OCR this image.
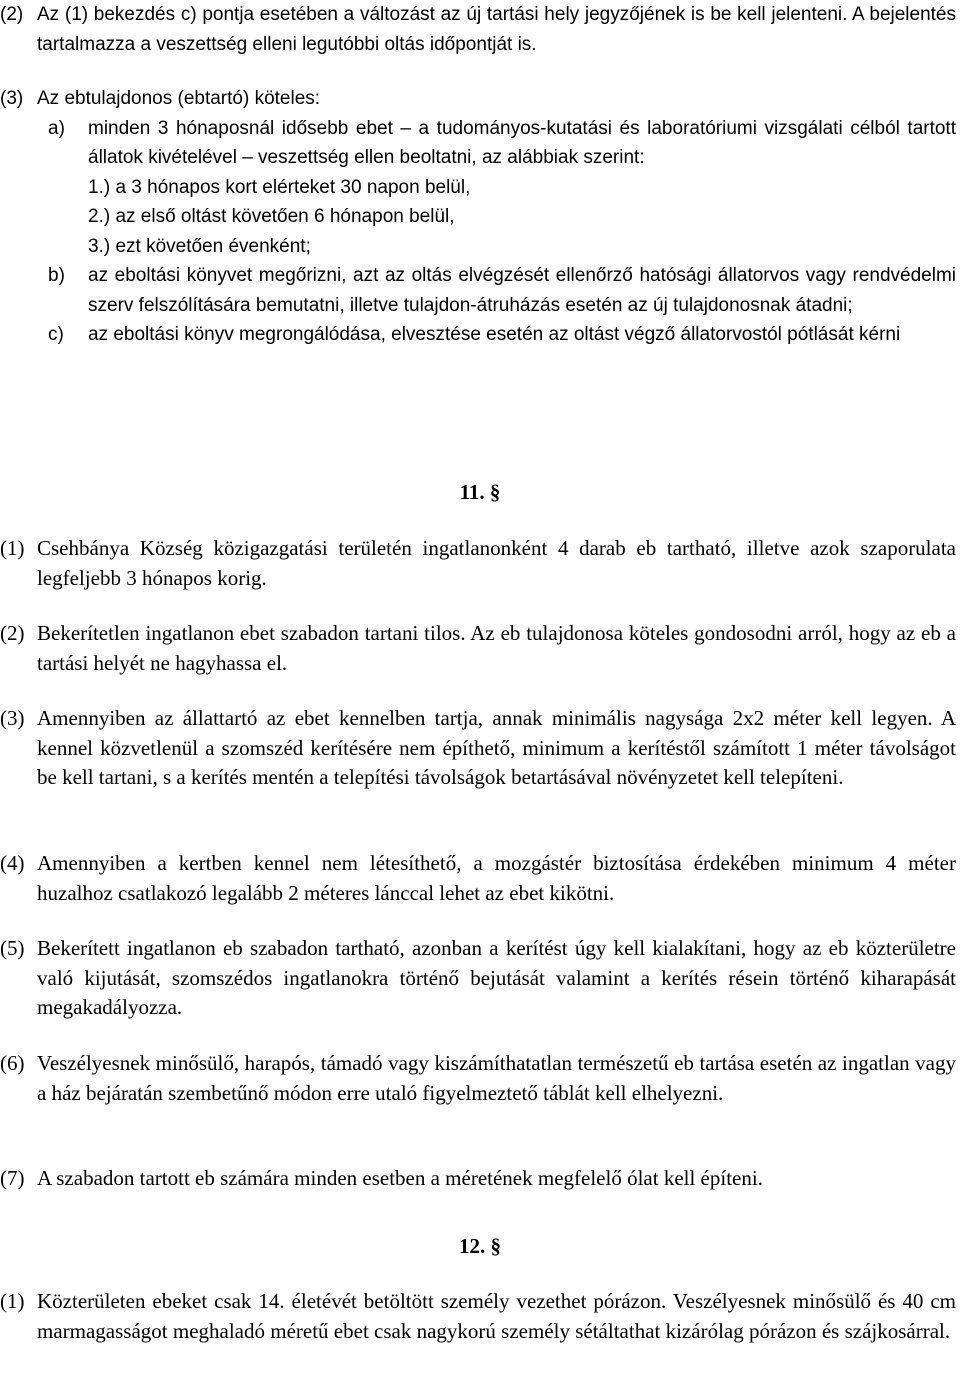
(2) Az (1) bekezdés c) pontja esetében a változást az új tartási hely jegyzőjének is be kell jelenteni. A bejelentés tartalmazza a veszettség elleni legutóbbi oltás időpontját is.
(3) Az ebtulajdonos (ebtartó) köteles:
a)	minden 3 hónaposnál idősebb ebet – a tudományos-kutatási és laboratóriumi vizsgálati célból tartott állatok kivételével – veszettség ellen beoltatni, az alábbiak szerint:
1.) a 3 hónapos kort elérteket 30 napon belül,
2.) az első oltást követően 6 hónapon belül,
3.) ezt követően évenként;
b)	az eboltási könyvet megőrizni, azt az oltás elvégzését ellenőrző hatósági állatorvos vagy rendvédelmi szerv felszólítására bemutatni, illetve tulajdon-átruházás esetén az új tulajdonosnak átadni;
c)	az eboltási könyv megrongálódása, elvesztése esetén az oltást végző állatorvostól pótlását kérni
11. §
(1) Csehbánya Község közigazgatási területén ingatlanonként 4 darab eb tartható, illetve azok szaporulata legfeljebb 3 hónapos korig.
(2) Bekerítetlen ingatlanon ebet szabadon tartani tilos. Az eb tulajdonosa köteles gondosodni arról, hogy az eb a tartási helyét ne hagyhassa el.
(3) Amennyiben az állattartó az ebet kennelben tartja, annak minimális nagysága 2x2 méter kell legyen. A kennel közvetlenül a szomszéd kerítésére nem építhető, minimum a kerítéstől számított 1 méter távolságot be kell tartani, s a kerítés mentén a telepítési távolságok betartásával növényzetet kell telepíteni.
(4) Amennyiben a kertben kennel nem létesíthető, a mozgástér biztosítása érdekében minimum 4 méter huzalhoz csatlakozó legalább 2 méteres lánccal lehet az ebet kikötni.
(5) Bekerített ingatlanon eb szabadon tartható, azonban a kerítést úgy kell kialakítani, hogy az eb közterületre való kijutását, szomszédos ingatlanokra történő bejutását valamint a kerítés résein történő kiharapását megakadályozza.
(6) Veszélyesnek minősülő, harapós, támadó vagy kiszámíthatatlan természetű eb tartása esetén az ingatlan vagy a ház bejáratán szembetűnő módon erre utaló figyelmeztető táblát kell elhelyezni.
(7) A szabadon tartott eb számára minden esetben a méretének megfelelő ólat kell építeni.
12. §
(1) Közterületen ebeket csak 14. életévét betöltött személy vezethet pórázon. Veszélyesnek minősülő és 40 cm marmagasságot meghaladó méretű ebet csak nagykorú személy sétáltathat kizárólag pórázon és szájkosárral.
